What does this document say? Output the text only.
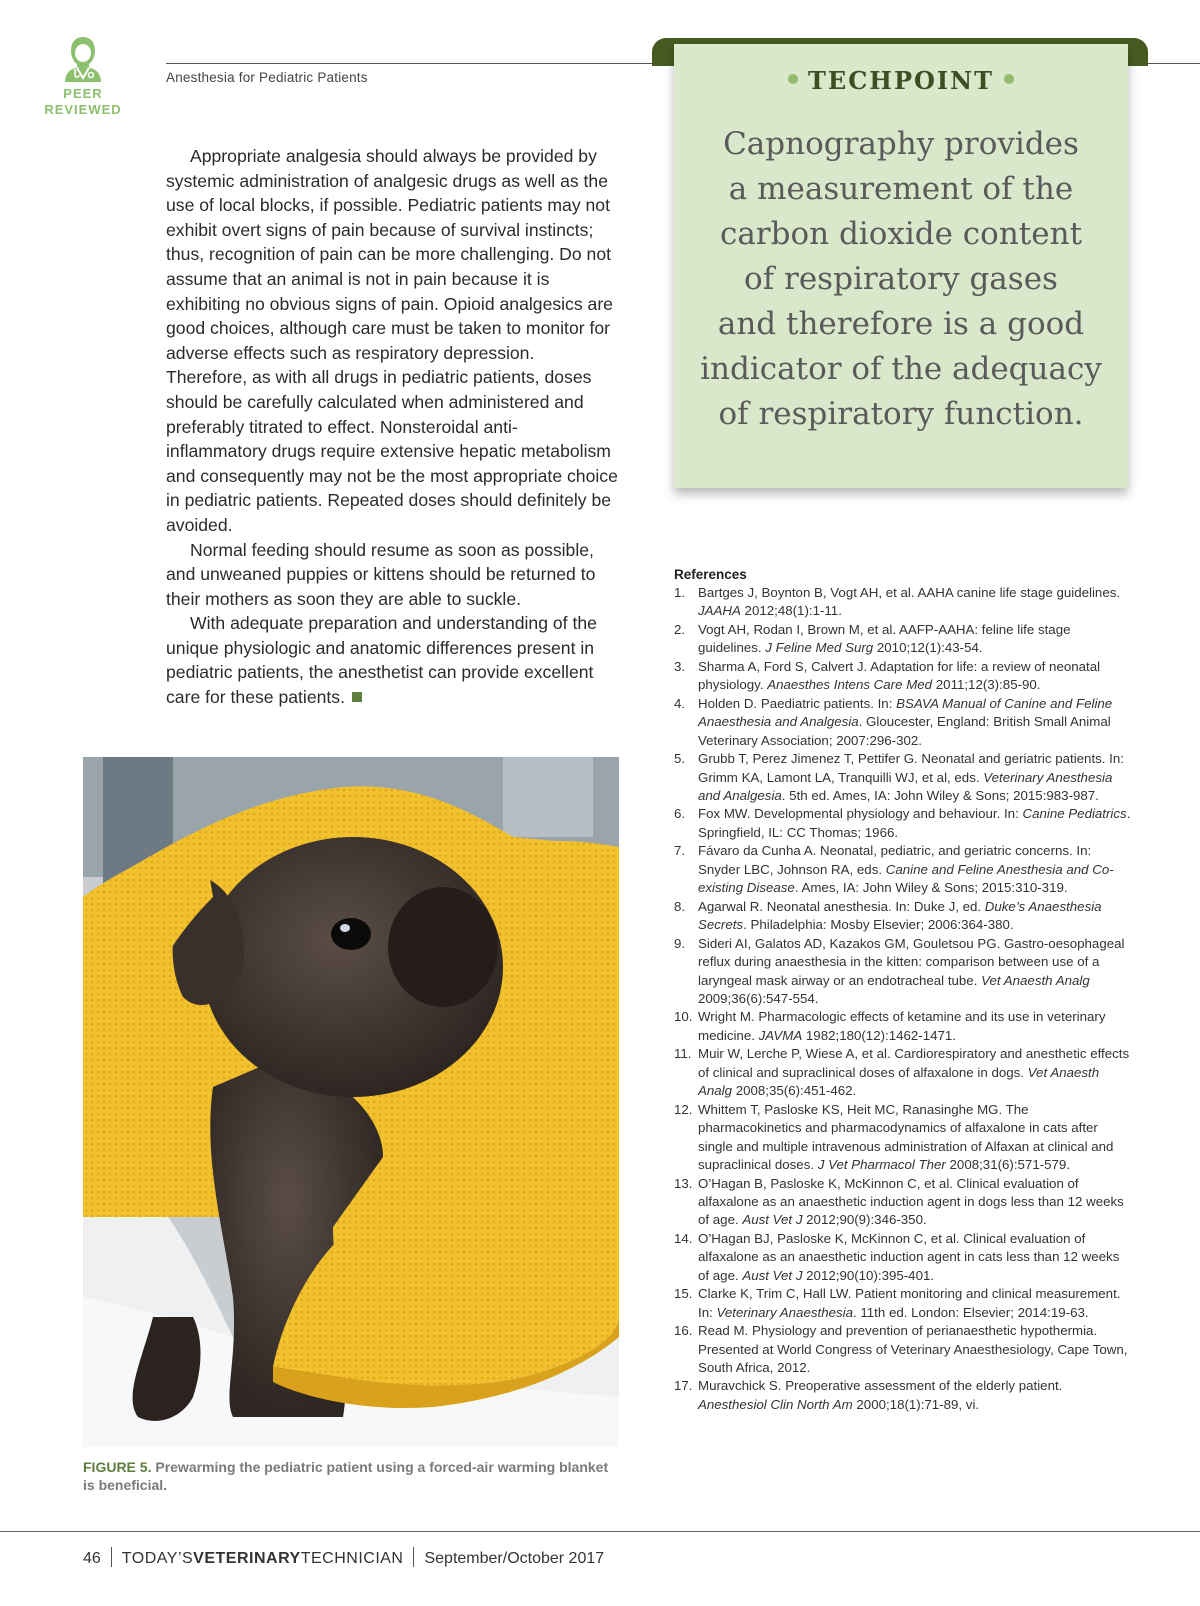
PEER
REVIEWED
Anesthesia for Pediatric Patients

Appropriate analgesia should always be provided by systemic administration of analgesic drugs as well as the use of local blocks, if possible. Pediatric patients may not exhibit overt signs of pain because of survival instincts; thus, recognition of pain can be more challenging. Do not assume that an animal is not in pain because it is exhibiting no obvious signs of pain. Opioid analgesics are good choices, although care must be taken to monitor for adverse effects such as respiratory depression. Therefore, as with all drugs in pediatric patients, doses should be carefully calculated when administered and preferably titrated to effect. Nonsteroidal anti-inflammatory drugs require extensive hepatic metabolism and consequently may not be the most appropriate choice in pediatric patients. Repeated doses should definitely be avoided.

Normal feeding should resume as soon as possible, and unweaned puppies or kittens should be returned to their mothers as soon they are able to suckle.

With adequate preparation and understanding of the unique physiologic and anatomic differences present in pediatric patients, the anesthetist can provide excellent care for these patients.

TECHPOINT
Capnography provides
a measurement of the
carbon dioxide content
of respiratory gases
and therefore is a good
indicator of the adequacy
of respiratory function.
FIGURE 5. Prewarming the pediatric patient using a forced-air warming blanket is beneficial.
References
1. Bartges J, Boynton B, Vogt AH, et al. AAHA canine life stage guidelines. JAAHA 2012;48(1):1-11.
2. Vogt AH, Rodan I, Brown M, et al. AAFP-AAHA: feline life stage guidelines. J Feline Med Surg 2010;12(1):43-54.
3. Sharma A, Ford S, Calvert J. Adaptation for life: a review of neonatal physiology. Anaesthes Intens Care Med 2011;12(3):85-90.
4. Holden D. Paediatric patients. In: BSAVA Manual of Canine and Feline Anaesthesia and Analgesia. Gloucester, England: British Small Animal Veterinary Association; 2007:296-302.
5. Grubb T, Perez Jimenez T, Pettifer G. Neonatal and geriatric patients. In: Grimm KA, Lamont LA, Tranquilli WJ, et al, eds. Veterinary Anesthesia and Analgesia. 5th ed. Ames, IA: John Wiley & Sons; 2015:983-987.
6. Fox MW. Developmental physiology and behaviour. In: Canine Pediatrics. Springfield, IL: CC Thomas; 1966.
7. Fávaro da Cunha A. Neonatal, pediatric, and geriatric concerns. In: Snyder LBC, Johnson RA, eds. Canine and Feline Anesthesia and Co-existing Disease. Ames, IA: John Wiley & Sons; 2015:310-319.
8. Agarwal R. Neonatal anesthesia. In: Duke J, ed. Duke’s Anaesthesia Secrets. Philadelphia: Mosby Elsevier; 2006:364-380.
9. Sideri AI, Galatos AD, Kazakos GM, Gouletsou PG. Gastro-oesophageal reflux during anaesthesia in the kitten: comparison between use of a laryngeal mask airway or an endotracheal tube. Vet Anaesth Analg 2009;36(6):547-554.
10. Wright M. Pharmacologic effects of ketamine and its use in veterinary medicine. JAVMA 1982;180(12):1462-1471.
11. Muir W, Lerche P, Wiese A, et al. Cardiorespiratory and anesthetic effects of clinical and supraclinical doses of alfaxalone in dogs. Vet Anaesth Analg 2008;35(6):451-462.
12. Whittem T, Pasloske KS, Heit MC, Ranasinghe MG. The pharmacokinetics and pharmacodynamics of alfaxalone in cats after single and multiple intravenous administration of Alfaxan at clinical and supraclinical doses. J Vet Pharmacol Ther 2008;31(6):571-579.
13. O’Hagan B, Pasloske K, McKinnon C, et al. Clinical evaluation of alfaxalone as an anaesthetic induction agent in dogs less than 12 weeks of age. Aust Vet J 2012;90(9):346-350.
14. O’Hagan BJ, Pasloske K, McKinnon C, et al. Clinical evaluation of alfaxalone as an anaesthetic induction agent in cats less than 12 weeks of age. Aust Vet J 2012;90(10):395-401.
15. Clarke K, Trim C, Hall LW. Patient monitoring and clinical measurement. In: Veterinary Anaesthesia. 11th ed. London: Elsevier; 2014:19-63.
16. Read M. Physiology and prevention of perianaesthetic hypothermia. Presented at World Congress of Veterinary Anaesthesiology, Cape Town, South Africa, 2012.
17. Muravchick S. Preoperative assessment of the elderly patient. Anesthesiol Clin North Am 2000;18(1):71-89, vi.
46 TODAY’SVETERINARYTECHNICIAN September/October 2017
